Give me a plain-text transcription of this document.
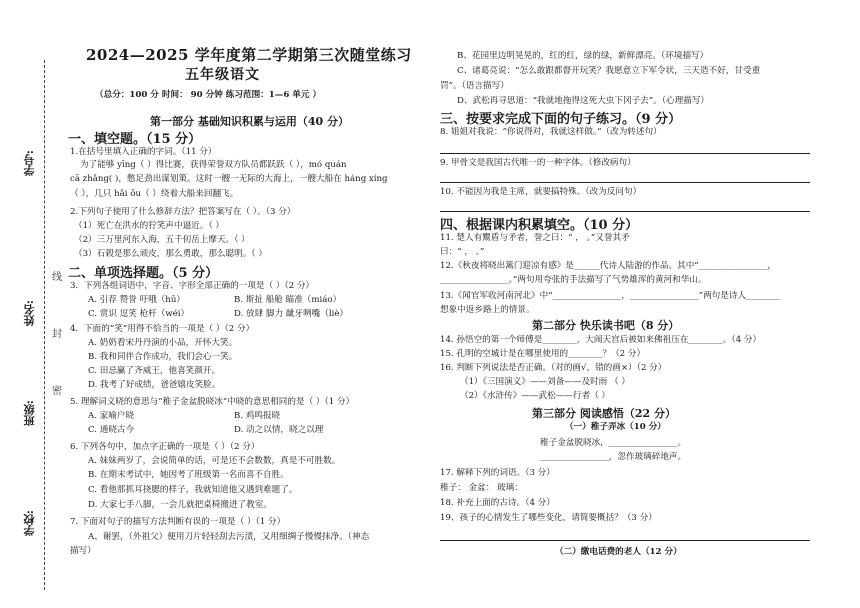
学号:
姓名:
班级:
学校:
线
封
密
2024—2025 学年度第二学期第三次随堂练习
五年级语文
（总分：100 分 时间： 90 分钟 练习范围：1—6 单元 ）
第一部分 基础知识积累与运用（40 分）
一、填空题。（15 分）
1.在括号里填入正确的字词。（11 分）
为了能够 yīng（ ）得比赛，获得荣誉双方队员都跃跃（ ），mó quán
cā zhǎng( )，憋足劲出谋划策。这时一艘一无际的大海上，一艘大船在 háng xíng
（ ），几只 hǎi ōu（ ）绕着大船来回翻飞。
2.下列句子使用了什么修辞方法？把答案写在（ ）。（3 分）
（1）死亡在洪水的狞笑声中逼近。（ ）
（2）三万里河东入海，五千仞岳上摩天。（ ）
（3）石榖是那么顽皮，那么勇敢，那么聪明。（ ）
二、单项选择题。（5 分）
3．下列各组词语中，字音、字形全部正确的一项是（ ）（2 分）
A. 引荐 赞誉 吁哦（hū）	B. 斯扯 船舱 瞄准（miáo）
C. 赏识 逗笑 枪杆（wéi）	D. 放肆 脚力 龇牙咧嘴（liè）
4．下面的“笑”用得不恰当的一项是（ ）（2 分）
A. 奶奶看宋丹丹演的小品，开怀大笑。
B. 我和同伴合作成功，我们会心一笑。
C. 田忌赢了齐威王，他喜笑颜开。
D. 我考了好成绩，爸爸嬉皮笑脸。
5. 理解词义晓的意思与“稚子金盆脱晓冰”中晓的意思相同的是（ ）（1 分）
A. 家喻户晓	B. 鸡鸣报晓
C. 通晓古今	D. 动之以情，晓之以理
6. 下列各句中，加点字正确的一项是（ ）（2 分）
A. 妹妹两岁了，会说简单的话，可是还不会数数，真是不可胜数。
B. 在期末考试中，她因考了班级第一名而喜不自胜。
C. 看他那抓耳挠腮的样子，我就知道他又遇到难题了。
D. 大家七手八脚，一会儿就把桌椅搬进了教室。
7. 下面对句子的描写方法判断有误的一项是（ ）（1 分）
A、谢罢，（外祖父）便用刀片轻轻刮去污渍，又用细绸子慢慢抹净。（神态
描写）
B、花园里边明晃晃的，红的红，绿的绿，新鲜漂亮。（环境描写）
C、诸葛亮说：“怎么敢跟都督开玩笑？我愿意立下军令状，三天造不好，甘受重
罚”。（语言描写）
D、武松再寻思道：“我就地拖得这死大虫下冈子去”。（心理描写）
三、按要求完成下面的句子练习。（9 分）
8. 姐姐对我说：“你说得对，我就这样做。”（改为转述句）
9. 甲骨文是我国古代唯一的一种字体。（修改病句）
10. 不能因为我是主席，就要搞特殊。（改为反问句）
四、根据课内积累填空。（10 分）
11. 楚人有鬻盾与矛者，誉之曰：“ ， 。”又誉其矛
曰：“ ， 。”
12.《秋夜将晓出篱门迎凉有感》是______代诗人陆游的作品。其中“________________，
________________。”两句用夸张的手法描写了气势雄浑的黄河和华山。
13.《闻官军收河南河北》中“________________，________________”两句是诗人________
想象中返乡路上的情景。
第二部分 快乐读书吧（8 分）
14. 孙悟空的第一个师傅是________，大闹天宫后被如来佛祖压在________。（4 分）
15. 孔明的空城计是在哪里使用的________？（2 分）
16. 判断下列说法是否正确。（对的画√，错的画×）（2 分）
（1）《三国演义》——刘备——及时雨 （ ）
（2）《水浒传》——武松——行者（ ）
第三部分 阅读感悟（22 分）
（一）稚子弄冰（10 分）
稚子金盆脱晓冰，________________。
________________，忽作玻璃碎地声。
17. 解释下列的词语。（3 分）
稚子： 金盆： 玻璃：
18. 补充上面的古诗。（4 分）
19、孩子的心情发生了哪些变化，请简要概括？（3 分）
（二）缴电话费的老人（12 分）
